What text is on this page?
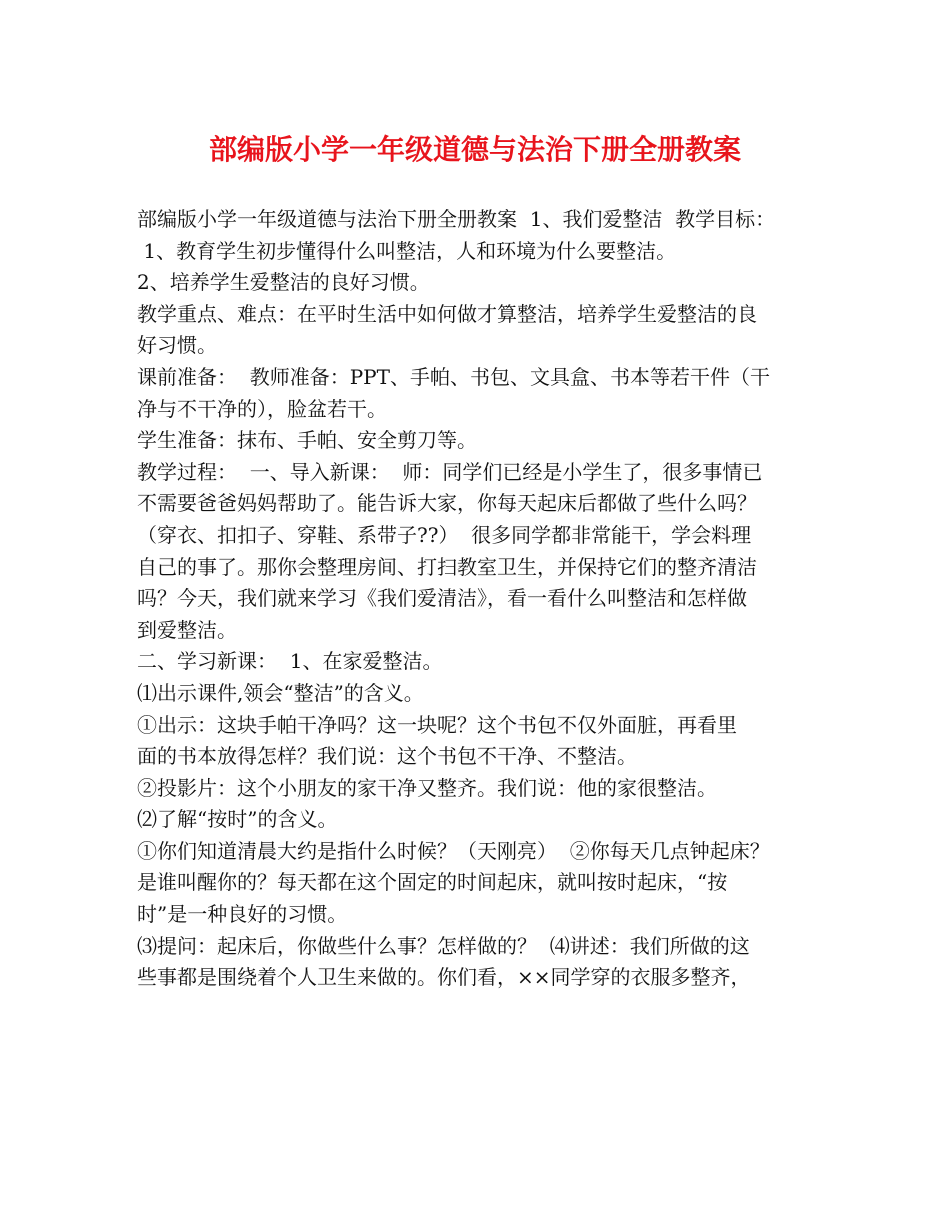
部编版小学一年级道德与法治下册全册教案
部编版小学一年级道德与法治下册全册教案  1、我们爱整洁  教学目标：
1、教育学生初步懂得什么叫整洁，人和环境为什么要整洁。
2、培养学生爱整洁的良好习惯。
教学重点、难点：在平时生活中如何做才算整洁，培养学生爱整洁的良
好习惯。
课前准备：  教师准备：PPT、手帕、书包、文具盒、书本等若干件（干
净与不干净的），脸盆若干。
学生准备：抹布、手帕、安全剪刀等。
教学过程：  一、导入新课：  师：同学们已经是小学生了，很多事情已
不需要爸爸妈妈帮助了。能告诉大家，你每天起床后都做了些什么吗？
（穿衣、扣扣子、穿鞋、系带子??）  很多同学都非常能干，学会料理
自己的事了。那你会整理房间、打扫教室卫生，并保持它们的整齐清洁
吗？今天，我们就来学习《我们爱清洁》，看一看什么叫整洁和怎样做
到爱整洁。
二、学习新课：  1、在家爱整洁。
⑴出示课件,领会“整洁”的含义。
①出示：这块手帕干净吗？这一块呢？这个书包不仅外面脏，再看里
面的书本放得怎样？我们说：这个书包不干净、不整洁。
②投影片：这个小朋友的家干净又整齐。我们说：他的家很整洁。
⑵了解“按时”的含义。
①你们知道清晨大约是指什么时候？（天刚亮）  ②你每天几点钟起床？
是谁叫醒你的？每天都在这个固定的时间起床，就叫按时起床，“按
时”是一种良好的习惯。
⑶提问：起床后，你做些什么事？怎样做的？  ⑷讲述：我们所做的这
些事都是围绕着个人卫生来做的。你们看，××同学穿的衣服多整齐，
